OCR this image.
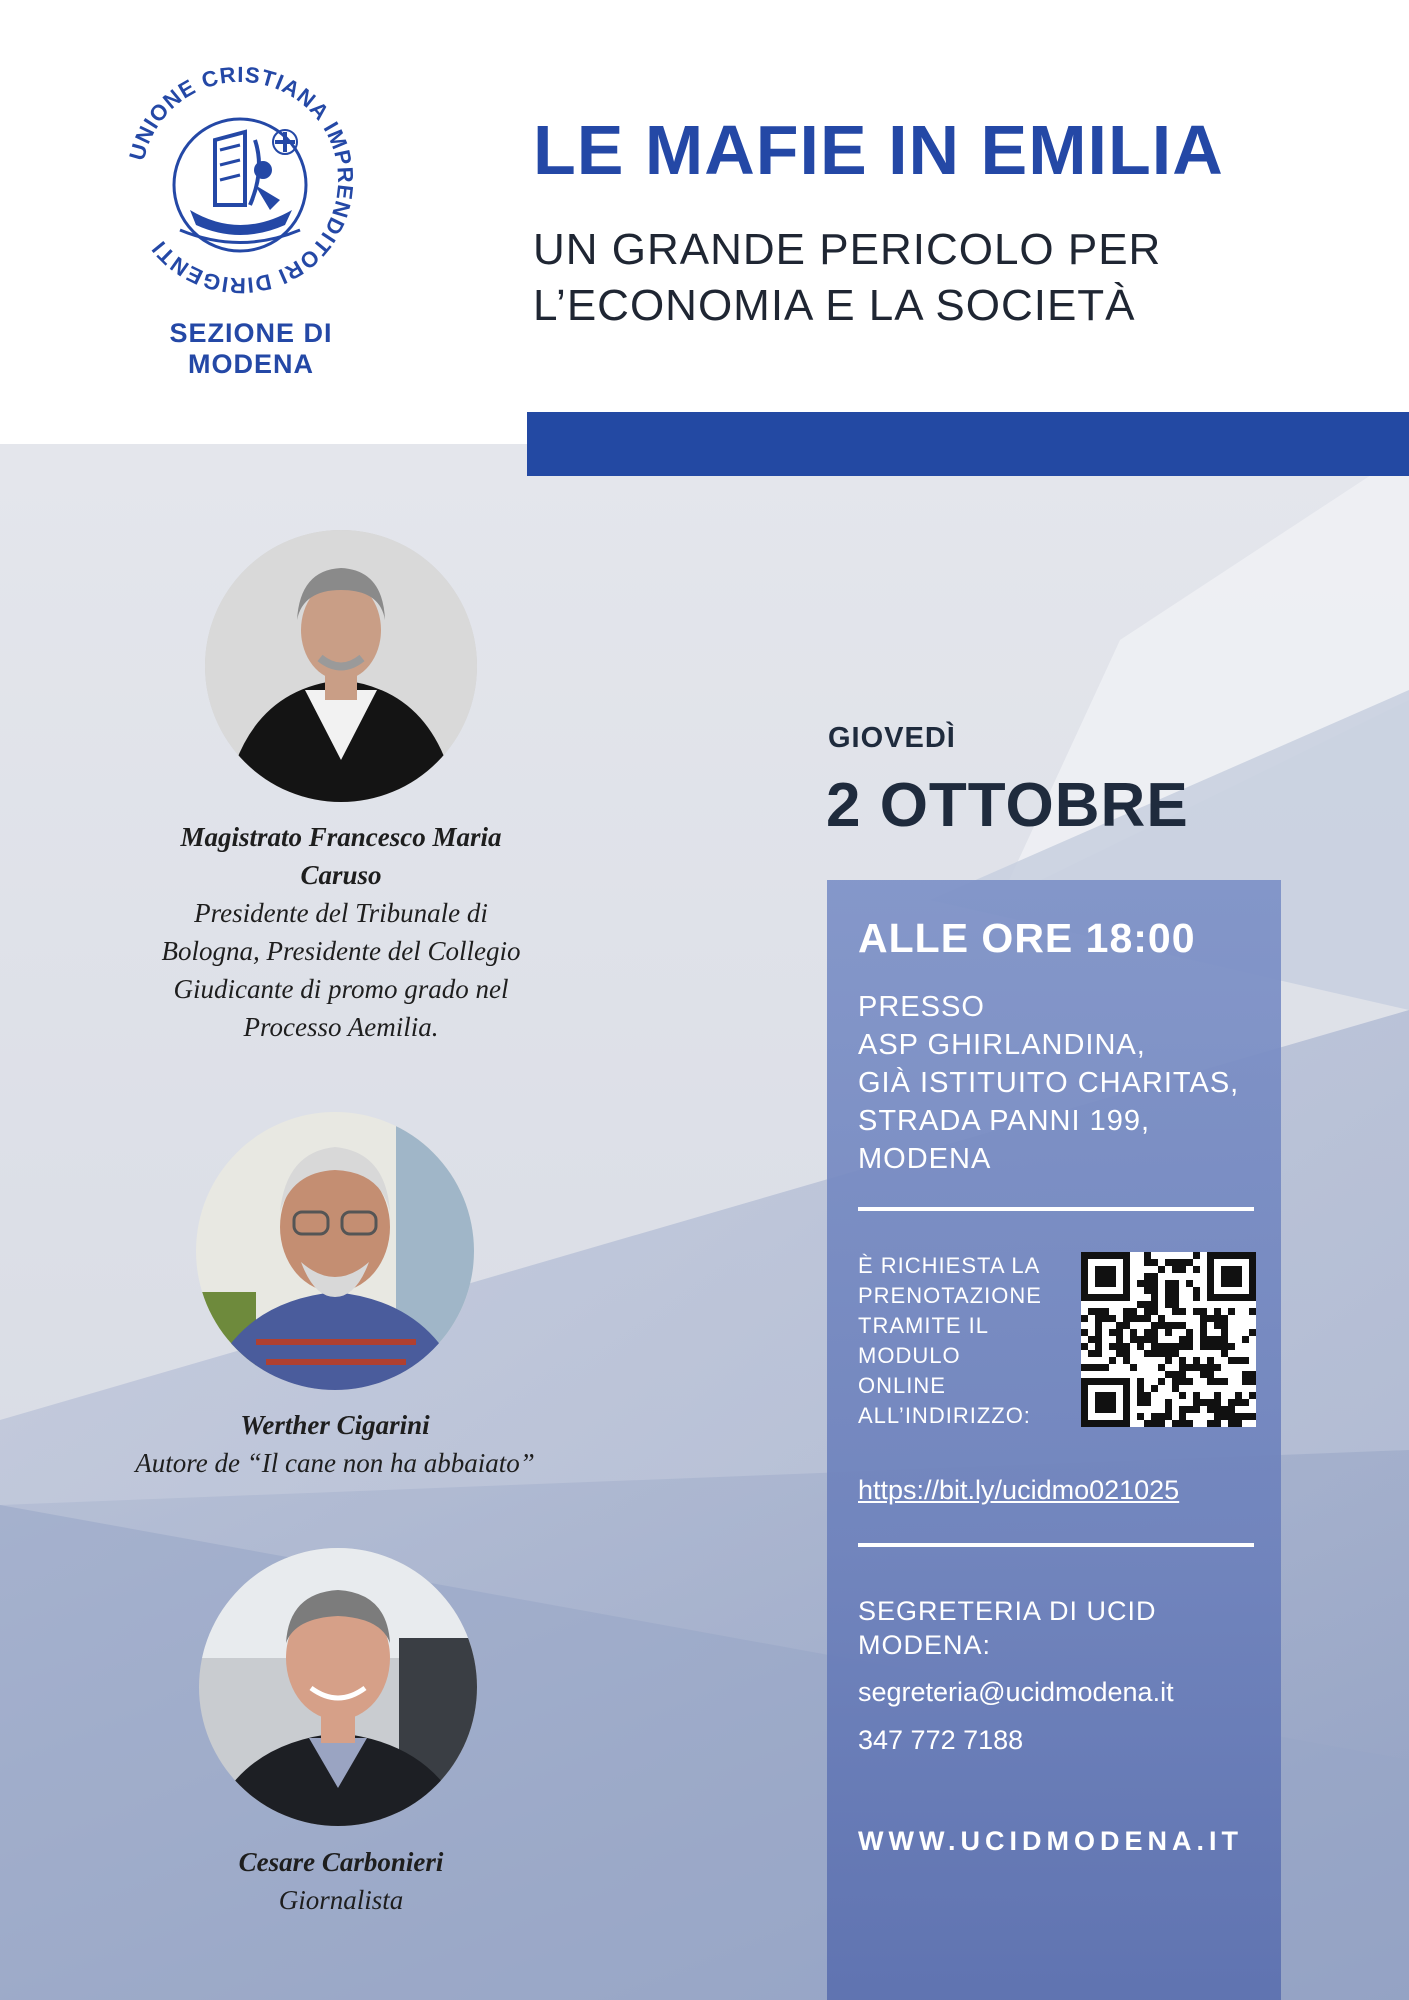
UNIONE CRISTIANA IMPRENDITORI DIRIGENTI
SEZIONE DI
MODENA
LE MAFIE IN EMILIA
UN GRANDE PERICOLO PER
L’ECONOMIA E LA SOCIETÀ
Magistrato Francesco Maria
Caruso
Presidente del Tribunale di
Bologna, Presidente del Collegio
Giudicante di promo grado nel
Processo Aemilia.
Werther Cigarini
Autore de “Il cane non ha abbaiato”
Cesare Carbonieri
Giornalista
GIOVEDÌ
2 OTTOBRE
ALLE ORE 18:00
PRESSO
ASP GHIRLANDINA,
GIÀ ISTITUITO CHARITAS,
STRADA PANNI 199,
MODENA
È RICHIESTA LA
PRENOTAZIONE
TRAMITE IL
MODULO
ONLINE
ALL’INDIRIZZO:
https://bit.ly/ucidmo021025
SEGRETERIA DI UCID
MODENA:
segreteria@ucidmodena.it
347 772 7188
WWW.UCIDMODENA.IT
